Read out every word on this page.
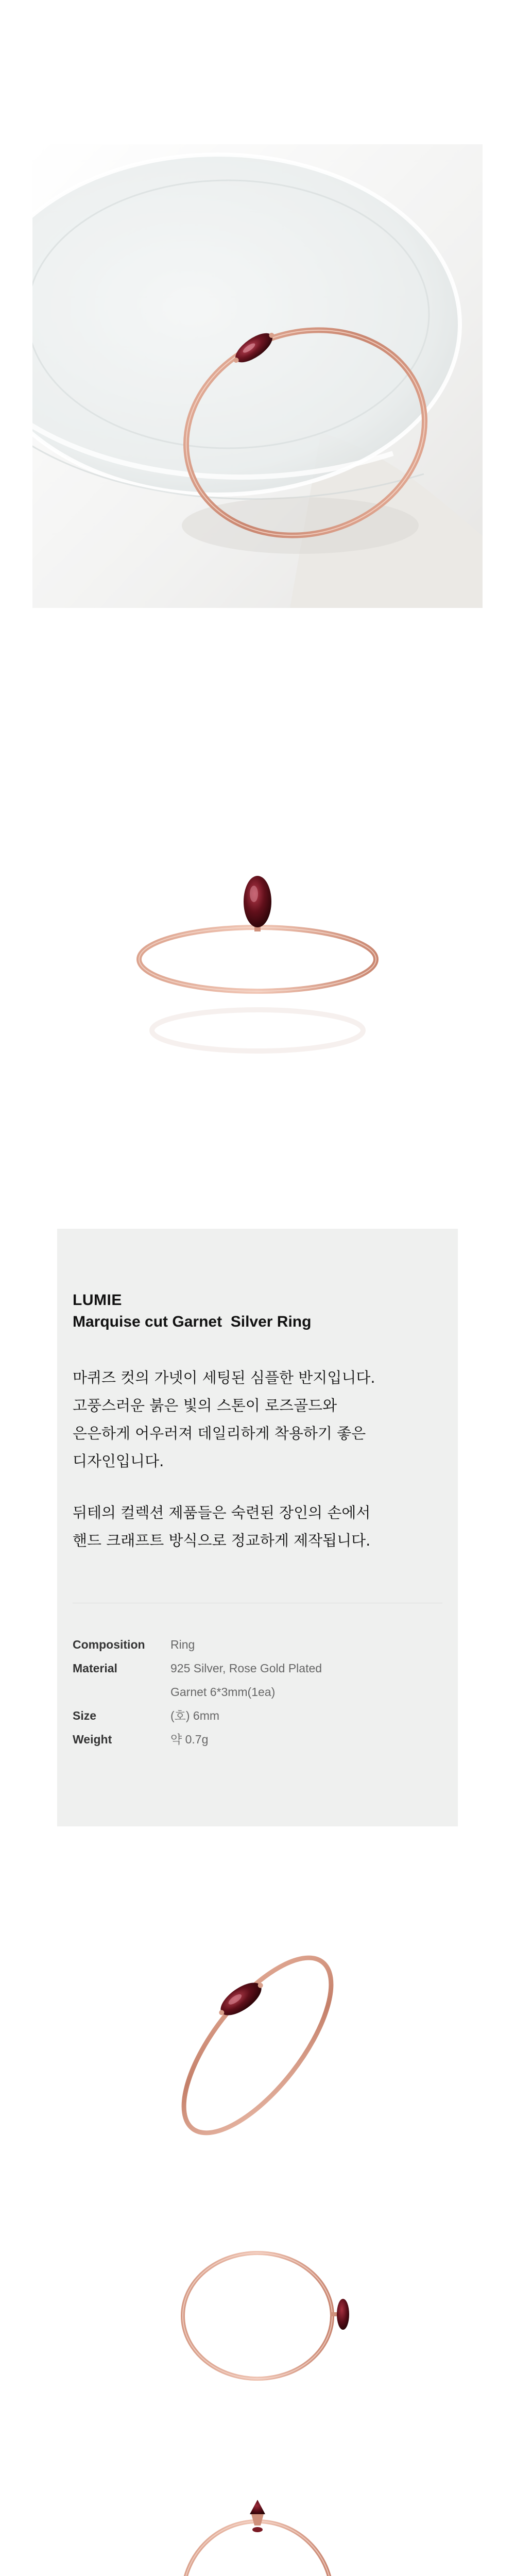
LUMIE
Marquise cut Garnet  Silver Ring

마퀴즈 컷의 가넷이 세팅된 심플한 반지입니다.

고풍스러운 붉은 빛의 스톤이 로즈골드와

은은하게 어우러져 데일리하게 착용하기 좋은

디자인입니다.

뒤테의 컬렉션 제품들은 숙련된 장인의 손에서

핸드 크래프트 방식으로 정교하게 제작됩니다.

Composition	Ring
Material	925 Silver, Rose Gold Plated
Garnet 6*3mm(1ea)
Size	(호) 6mm
Weight	약 0.7g
